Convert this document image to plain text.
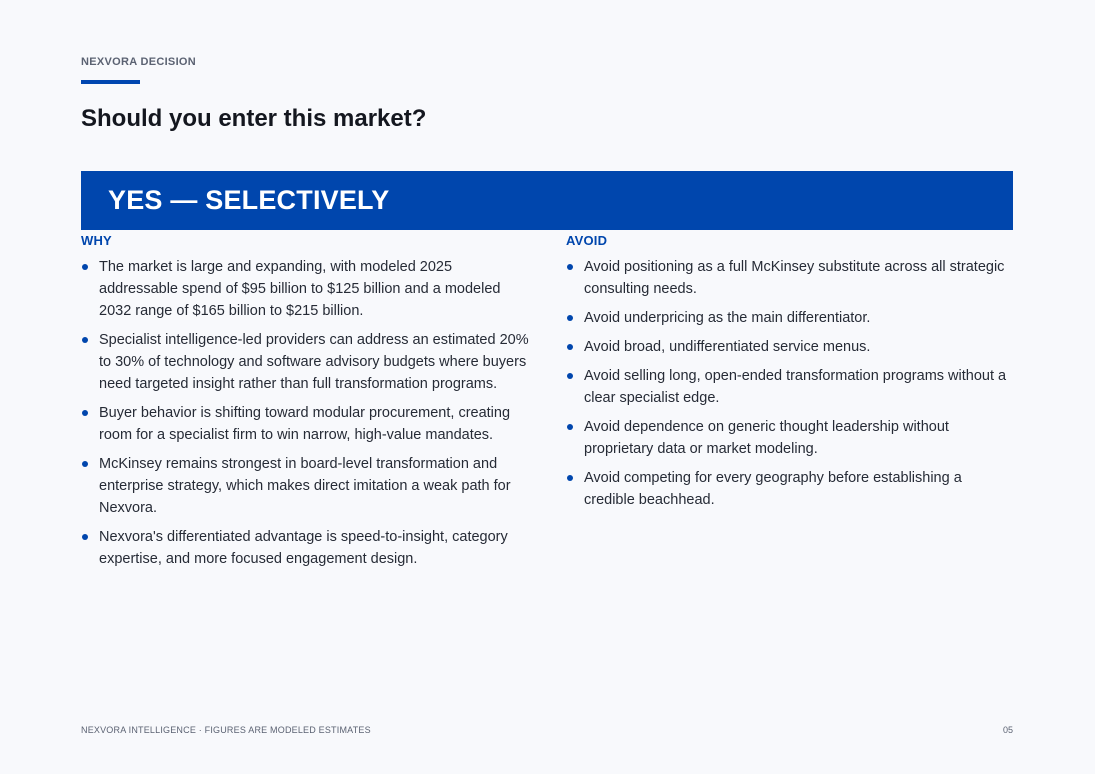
NEXVORA DECISION
Should you enter this market?
YES — SELECTIVELY
WHY
The market is large and expanding, with modeled 2025 addressable spend of $95 billion to $125 billion and a modeled 2032 range of $165 billion to $215 billion.
Specialist intelligence-led providers can address an estimated 20% to 30% of technology and software advisory budgets where buyers need targeted insight rather than full transformation programs.
Buyer behavior is shifting toward modular procurement, creating room for a specialist firm to win narrow, high-value mandates.
McKinsey remains strongest in board-level transformation and enterprise strategy, which makes direct imitation a weak path for Nexvora.
Nexvora's differentiated advantage is speed-to-insight, category expertise, and more focused engagement design.
AVOID
Avoid positioning as a full McKinsey substitute across all strategic consulting needs.
Avoid underpricing as the main differentiator.
Avoid broad, undifferentiated service menus.
Avoid selling long, open-ended transformation programs without a clear specialist edge.
Avoid dependence on generic thought leadership without proprietary data or market modeling.
Avoid competing for every geography before establishing a credible beachhead.
NEXVORA INTELLIGENCE · FIGURES ARE MODELED ESTIMATES	05
